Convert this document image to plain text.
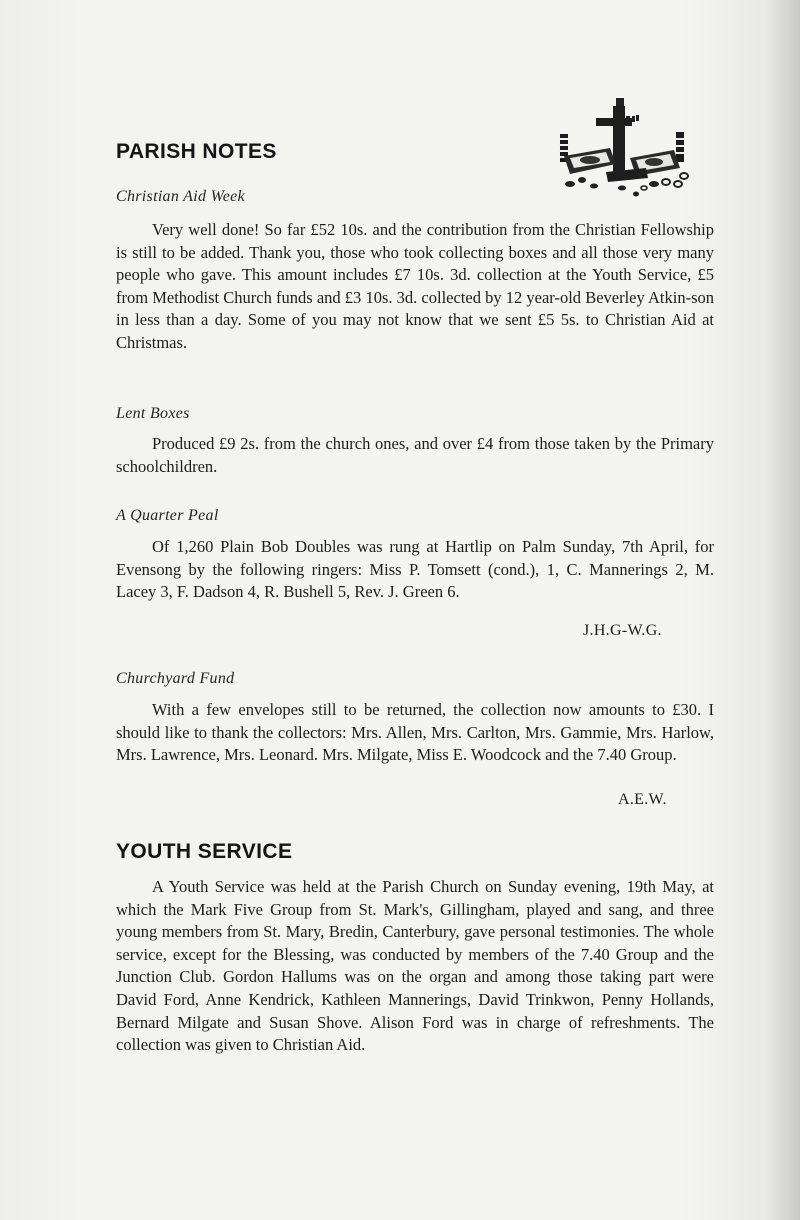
PARISH NOTES
Christian Aid Week
Very well done! So far £52 10s. and the contribution from the Christian Fellowship is still to be added. Thank you, those who took collecting boxes and all those very many people who gave. This amount includes £7 10s. 3d. collection at the Youth Service, £5 from Methodist Church funds and £3 10s. 3d. collected by 12 year-old Beverley Atkin-son in less than a day. Some of you may not know that we sent £5 5s. to Christian Aid at Christmas.
Lent Boxes
Produced £9 2s. from the church ones, and over £4 from those taken by the Primary schoolchildren.
A Quarter Peal
Of 1,260 Plain Bob Doubles was rung at Hartlip on Palm Sunday, 7th April, for Evensong by the following ringers: Miss P. Tomsett (cond.), 1, C. Mannerings 2, M. Lacey 3, F. Dadson 4, R. Bushell 5, Rev. J. Green 6.
J.H.G-W.G.
Churchyard Fund
With a few envelopes still to be returned, the collection now amounts to £30. I should like to thank the collectors: Mrs. Allen, Mrs. Carlton, Mrs. Gammie, Mrs. Harlow, Mrs. Lawrence, Mrs. Leonard. Mrs. Milgate, Miss E. Woodcock and the 7.40 Group.
A.E.W.
YOUTH SERVICE
A Youth Service was held at the Parish Church on Sunday evening, 19th May, at which the Mark Five Group from St. Mark's, Gillingham, played and sang, and three young members from St. Mary, Bredin, Canterbury, gave personal testimonies. The whole service, except for the Blessing, was conducted by members of the 7.40 Group and the Junction Club. Gordon Hallums was on the organ and among those taking part were David Ford, Anne Kendrick, Kathleen Mannerings, David Trinkwon, Penny Hollands, Bernard Milgate and Susan Shove. Alison Ford was in charge of refreshments. The collection was given to Christian Aid.
